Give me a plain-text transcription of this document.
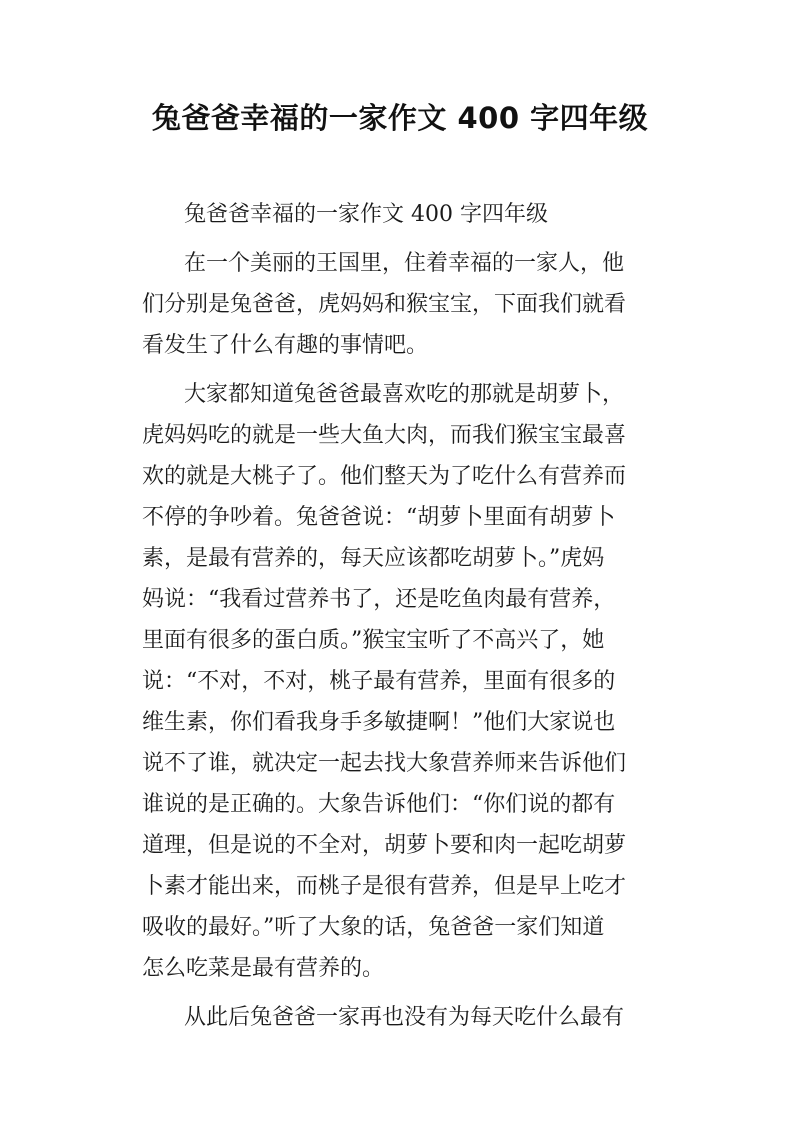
兔爸爸幸福的一家作文 400 字四年级
兔爸爸幸福的一家作文 400 字四年级
在一个美丽的王国里，住着幸福的一家人，他
们分别是兔爸爸，虎妈妈和猴宝宝，下面我们就看
看发生了什么有趣的事情吧。
大家都知道兔爸爸最喜欢吃的那就是胡萝卜，
虎妈妈吃的就是一些大鱼大肉，而我们猴宝宝最喜
欢的就是大桃子了。他们整天为了吃什么有营养而
不停的争吵着。兔爸爸说：“胡萝卜里面有胡萝卜
素，是最有营养的，每天应该都吃胡萝卜。”虎妈
妈说：“我看过营养书了，还是吃鱼肉最有营养，
里面有很多的蛋白质。”猴宝宝听了不高兴了，她
说：“不对，不对，桃子最有营养，里面有很多的
维生素，你们看我身手多敏捷啊！”他们大家说也
说不了谁，就决定一起去找大象营养师来告诉他们
谁说的是正确的。大象告诉他们：“你们说的都有
道理，但是说的不全对，胡萝卜要和肉一起吃胡萝
卜素才能出来，而桃子是很有营养，但是早上吃才
吸收的最好。”听了大象的话，兔爸爸一家们知道
怎么吃菜是最有营养的。
从此后兔爸爸一家再也没有为每天吃什么最有
